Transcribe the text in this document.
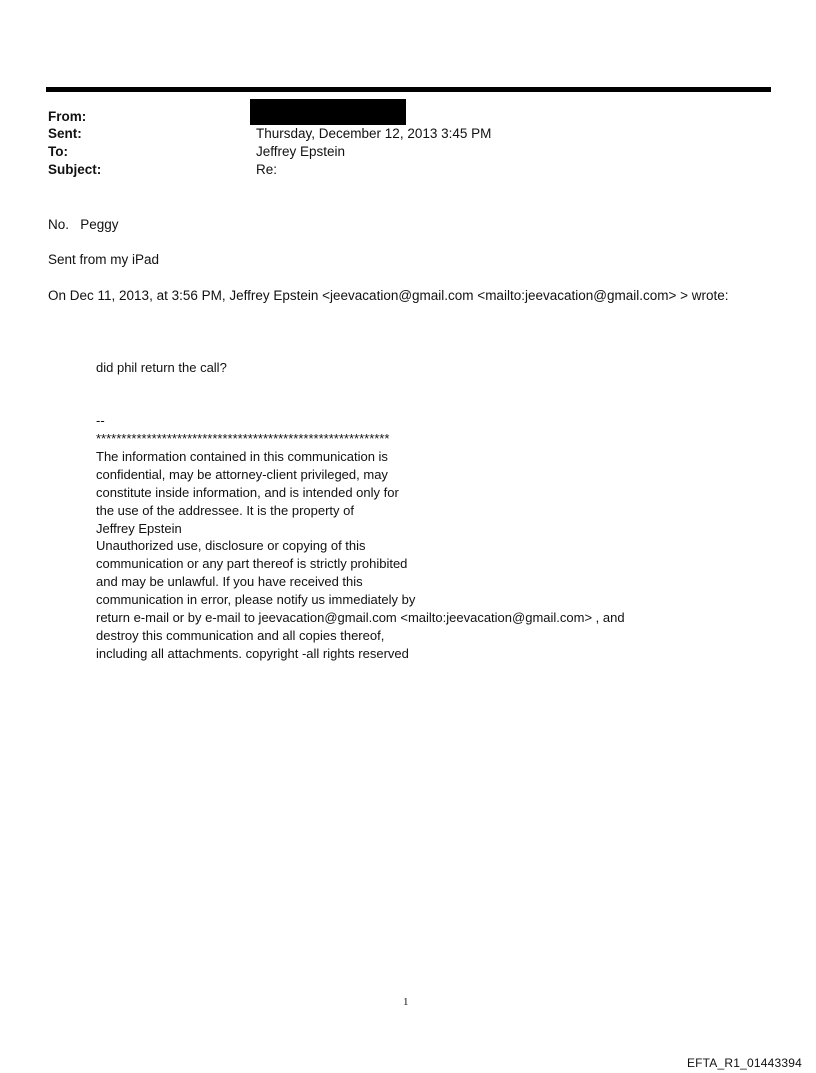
From:
Sent:	Thursday, December 12, 2013 3:45 PM
To:	Jeffrey Epstein
Subject:	Re:
No.   Peggy
Sent from my iPad
On Dec 11, 2013, at 3:56 PM, Jeffrey Epstein <jeevacation@gmail.com <mailto:jeevacation@gmail.com> > wrote:
did phil return the call?
--
**********************************************************
The information contained in this communication is
confidential, may be attorney-client privileged, may
constitute inside information, and is intended only for
the use of the addressee. It is the property of
Jeffrey Epstein
Unauthorized use, disclosure or copying of this
communication or any part thereof is strictly prohibited
and may be unlawful. If you have received this
communication in error, please notify us immediately by
return e-mail or by e-mail to jeevacation@gmail.com <mailto:jeevacation@gmail.com> , and
destroy this communication and all copies thereof,
including all attachments. copyright -all rights reserved
1
EFTA_R1_01443394
